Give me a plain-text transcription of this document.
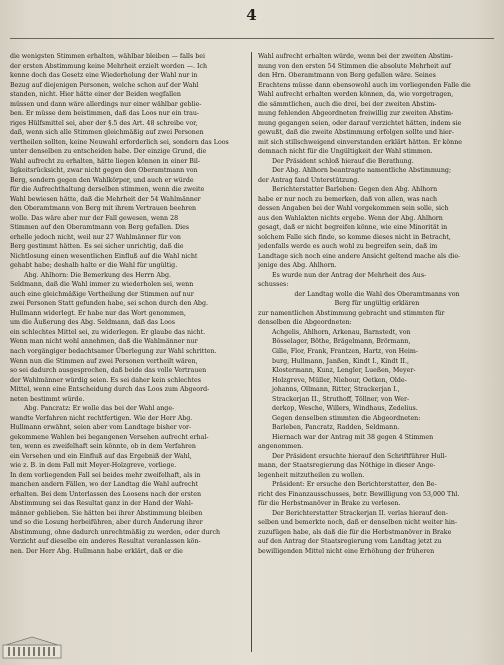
4

die wenigsten Stimmen erhalten, wählbar bleiben — falls bei

der ersten Abstimmung keine Mehrheit erzielt worden —. Ich

kenne doch das Gesetz eine Wiederholung der Wahl nur in

Bezug auf diejenigen Personen, welche schon auf der Wahl

standen, nicht. Hier hätte einer der Beiden wegfallen

müssen und dann wäre allerdings nur einer wählbar geblie-

ben. Er müsse dem beistimmen, daß das Loos nur ein trau-

riges Hülfsmittel sei, aber der §.5 des Art. 48 schreibe vor,

daß, wenn sich alle Stimmen gleichmäßig auf zwei Personen

vertheilen sollten, keine Neuwahl erforderlich sei, sondern das Loos

unter denselben zu entscheiden habe. Der einzige Grund, die

Wahl aufrecht zu erhalten, hätte liegen können in einer Bil-

ligkeitsrücksicht, zwar nicht gegen den Oberamtmann von

Berg, sondern gegen den Wahlkörper, und auch er würde

für die Aufrechthaltung derselben stimmen, wenn die zweite

Wahl bewiesen hätte, daß die Mehrheit der 54 Wahlmänner

den Oberamtmann von Berg mit ihrem Vertrauen beehren

wolle. Das wäre aber nur der Fall gewesen, wenn 28

Stimmen auf den Oberamtmann von Berg gefallen. Dies

erhelle jedoch nicht, weil nur 27 Wahlmänner für von

Berg gestimmt hätten. Es sei sicher unrichtig, daß die

Nichtlosung einen wesentlichen Einfluß auf die Wahl nicht

gehabt habe; deshalb halte er die Wahl für ungültig.

Abg. Ahlhorn: Die Bemerkung des Herrn Abg.

Seldmann, daß die Wahl immer zu wiederholen sei, wenn

auch eine gleichmäßige Vertheilung der Stimmen auf nur

zwei Personen Statt gefunden habe, sei schon durch den Abg.

Hullmann widerlegt. Er habe nur das Wort genommen,

um die Äußerung des Abg. Seldmann, daß das Loos

ein schlechtes Mittel sei, zu widerlegen. Er glaube das nicht.

Wenn man nicht wohl annehmen, daß die Wahlmänner nur

nach vorgängiger bedachtsamer Überlegung zur Wahl schritten.

Wenn nun die Stimmen auf zwei Personen vertheilt wären,

so sei dadurch ausgesprochen, daß beide das volle Vertrauen

der Wahlmänner würdig seien. Es sei daher kein schlechtes

Mittel, wenn eine Entscheidung durch das Loos zum Abgeord-

neten bestimmt würde.

Abg. Pancratz: Er wolle das bei der Wahl ange-

wandte Verfahren nicht rechtfertigen. Wie der Herr Abg.

Hullmann erwähnt, seien aber vom Landtage bisher vor-

gekommene Wahlen bei begangenen Versehen aufrecht erhal-

ten, wenn es zweifelhaft sein könnte, ob in dem Verfahren

ein Versehen und ein Einfluß auf das Ergebniß der Wahl,

wie z. B. in dem Fall mit Meyer-Holzgreve, vorliege.

In dem vorliegenden Fall sei beides mehr zweifelhaft, als in

manchen andern Fällen, wo der Landtag die Wahl aufrecht

erhalten. Bei dem Unterlassen des Loosens nach der ersten

Abstimmung sei das Resultat ganz in der Hand der Wahl-

männer geblieben. Sie hätten bei ihrer Abstimmung bleiben

und so die Losung herbeiführen, aber durch Änderung ihrer

Abstimmung, ohne dadurch unrechtmäßig zu werden, oder durch

Verzicht auf dieselbe ein anderes Resultat veranlassen kön-

nen. Der Herr Abg. Hullmann habe erklärt, daß er die

Wahl aufrecht erhalten würde, wenn bei der zweiten Abstim-

mung von den ersten 54 Stimmen die absolute Mehrheit auf

den Hrn. Oberamtmann von Berg gefallen wäre. Seines

Erachtens müsse dann ebensowohl auch im vorliegenden Falle die

Wahl aufrecht erhalten werden können, da, wie vorgetragen,

die sämmtlichen, auch die drei, bei der zweiten Abstim-

mung fehlenden Abgeordneten freiwillig zur zweiten Abstim-

mung gegangen seien, oder darauf verzichtet hätten, indem sie

gewußt, daß die zweite Abstimmung erfolgen sollte und hier-

mit sich stillschweigend einverstanden erklärt hätten. Er könne

demnach nicht für die Ungültigkeit der Wahl stimmen.

Der Präsident schloß hierauf die Berathung.

Der Abg. Ahlhorn beantragte namentliche Abstimmung;

der Antrag fand Unterstützung.

Berichterstatter Barleben: Gegen den Abg. Ahlhorn

habe er nur noch zu bemerken, daß von allen, was nach

dessen Angaben bei der Wahl vorgekommen sein solle, sich

aus den Wahlakten nichts ergebe. Wenn der Abg. Ahlhorn

gesagt, daß er nicht begreifen könne, wie eine Minorität in

solchem Falle sich finde, so komme dieses nicht in Betracht,

jedenfalls werde es auch wohl zu begreifen sein, daß im

Landtage sich noch eine andere Ansicht geltend mache als die-

jenige des Abg. Ahlhorn.

Es wurde nun der Antrag der Mehrheit des Aus-

schusses:

der Landtag wolle die Wahl des Oberamtmanns von

Berg für ungültig erklären

zur namentlichen Abstimmung gebracht und stimmten für

denselben die Abgeordneten:

Achgelis, Ahlhorn, Arkenau, Barnstedt, von

Bösselager, Böthe, Brägelmann, Brörmann,

Gille, Flor, Frank, Frantzen, Hartz, von Heim-

burg, Hullmann, Janßen, Kindt I., Kindt II.,

Klostermann, Kunz, Lengler, Lueßen, Meyer-

Holzgreve, Müller, Niebour, Oetken, Olde-

johanns, Ollmann, Ritter, Strackerjan I.,

Strackerjan II., Struthoff, Töllner, von Wer-

derkop, Wesche, Willers, Windhaus, Zedelius.

Gegen denselben stimmten die Abgeordneten:

Barleben, Pancratz, Radden, Seldmann.

Hiernach war der Antrag mit 38 gegen 4 Stimmen

angenommen.

Der Präsident ersuchte hierauf den Schriftführer Hull-

mann, der Staatsregierung das Nöthige in dieser Ange-

legenheit mitzutheilen zu wollen.

Präsident: Er ersuche den Berichterstatter, den Be-

richt des Finanzausschusses, betr. Bewilligung von 53,000 Thl.

für die Herbstmanöver in Brake zu verlesen.

Der Berichterstatter Strackerjan II. verlas hierauf den-

selben und bemerkte noch, daß er denselben nicht weiter hin-

zuzufügen habe, als daß die für die Herbstmanöver in Brake

auf den Antrag der Staatsregierung vom Landtag jetzt zu

bewilligenden Mittel nicht eine Erhöhung der früheren
